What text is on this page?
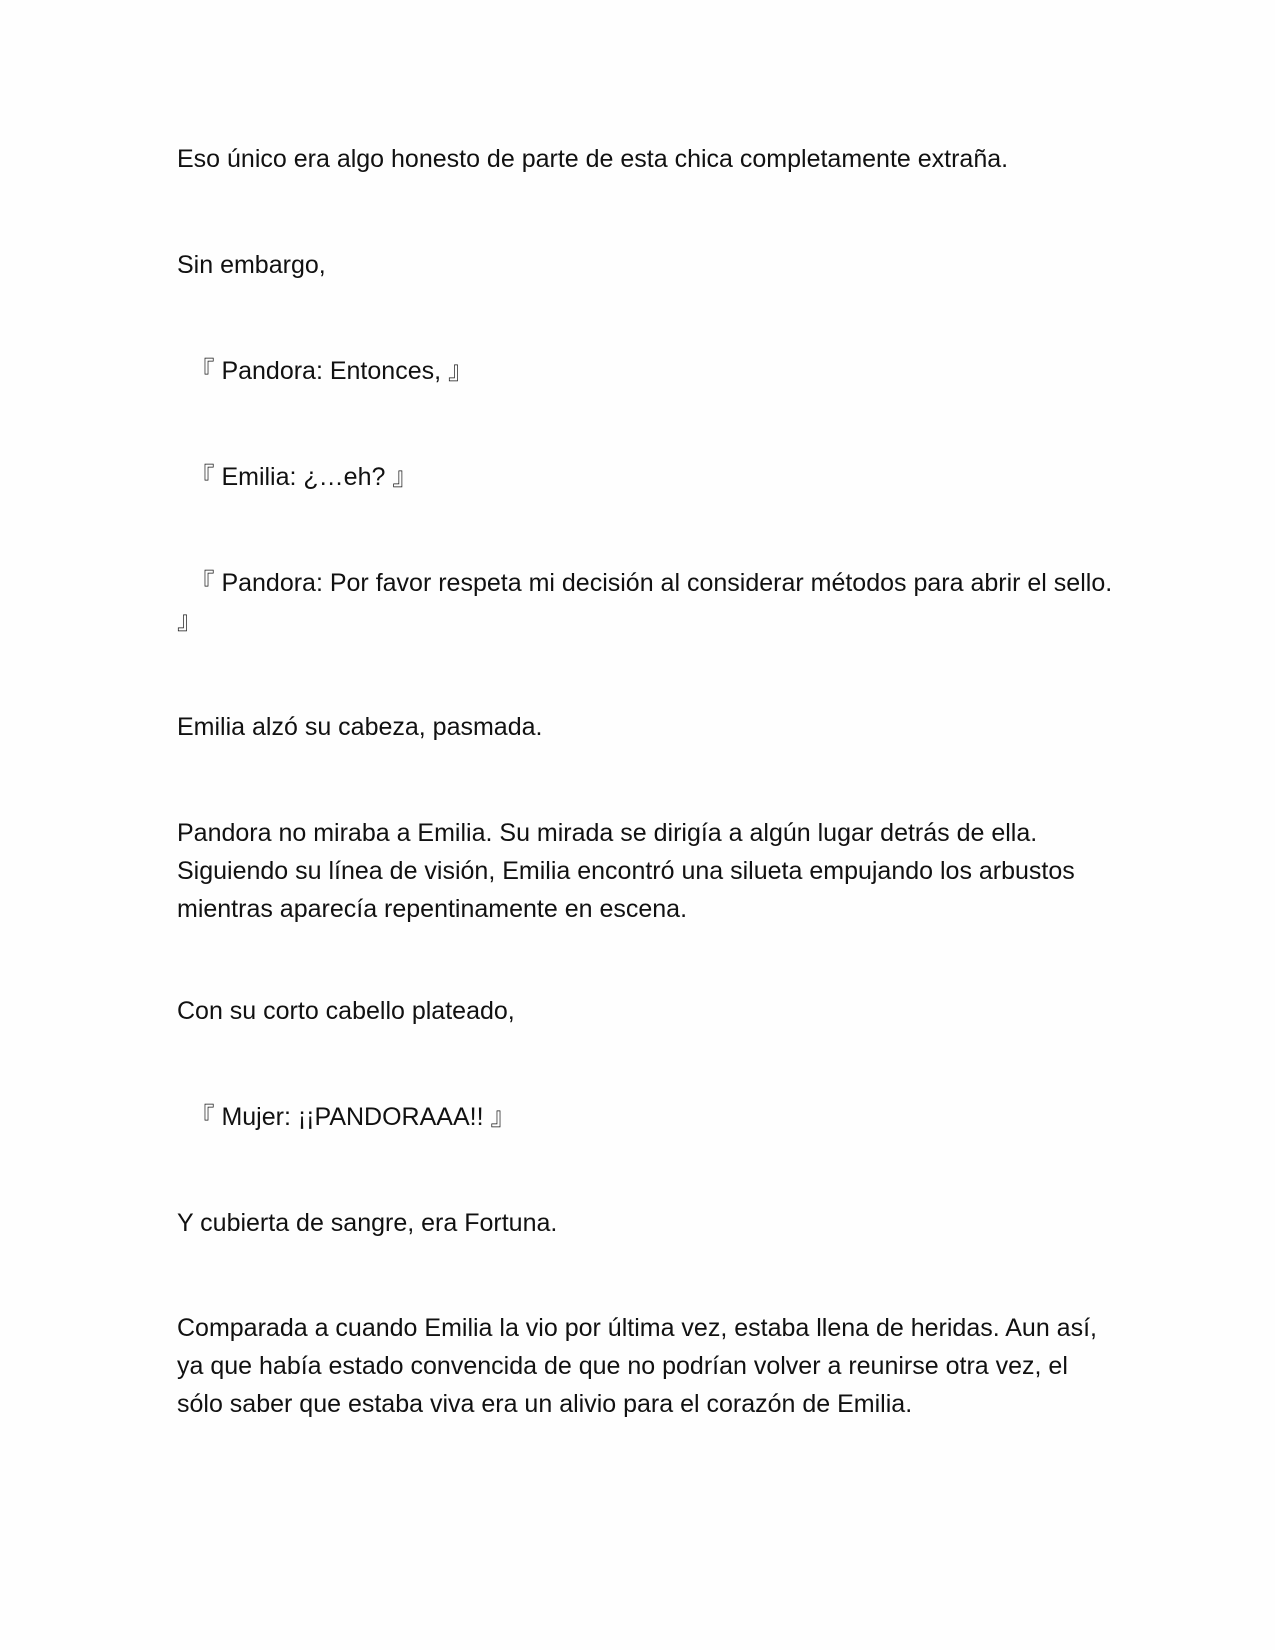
Eso único era algo honesto de parte de esta chica completamente extraña.

Sin embargo,

　『 Pandora: Entonces, 』

　『 Emilia: ¿…eh? 』

　『 Pandora: Por favor respeta mi decisión al considerar métodos para abrir el sello. 』

Emilia alzó su cabeza, pasmada.

Pandora no miraba a Emilia. Su mirada se dirigía a algún lugar detrás de ella. Siguiendo su línea de visión, Emilia encontró una silueta empujando los arbustos mientras aparecía repentinamente en escena.

Con su corto cabello plateado,

　『 Mujer: ¡¡PANDORAAA!! 』

Y cubierta de sangre, era Fortuna.

Comparada a cuando Emilia la vio por última vez, estaba llena de heridas. Aun así, ya que había estado convencida de que no podrían volver a reunirse otra vez, el sólo saber que estaba viva era un alivio para el corazón de Emilia.
